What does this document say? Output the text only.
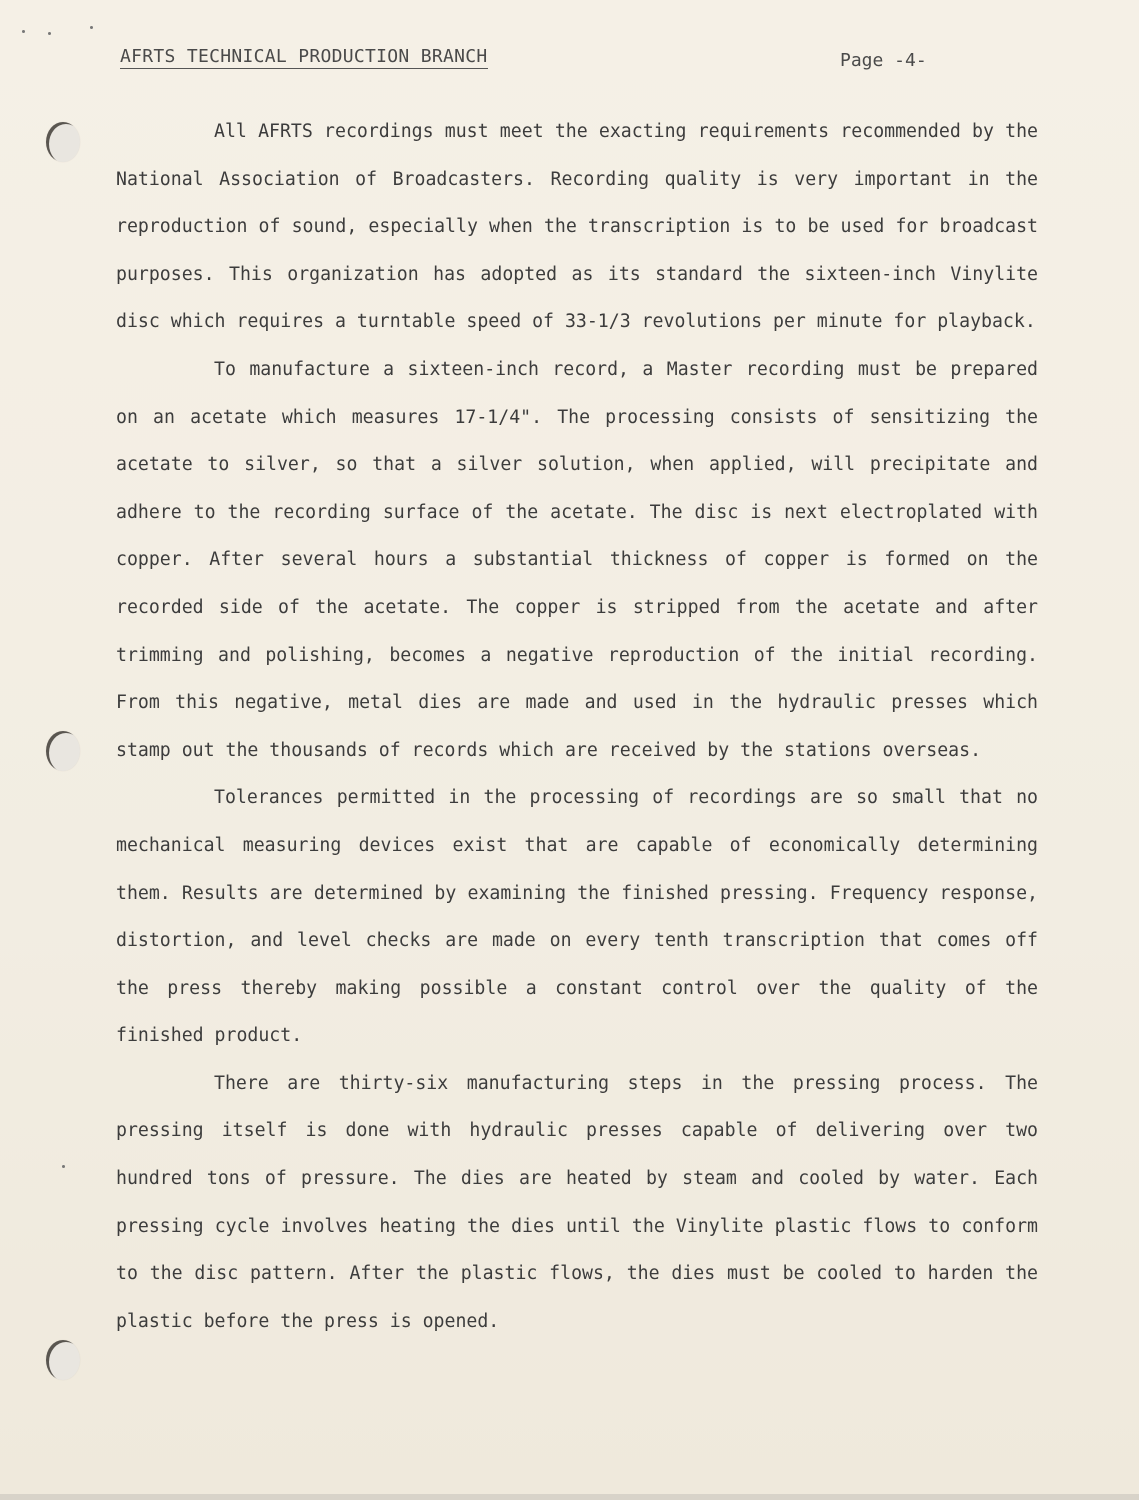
AFRTS TECHNICAL PRODUCTION BRANCH	Page -4-

All AFRTS recordings must meet the exacting requirements recommended by the National Association of Broadcasters. Recording quality is very important in the reproduction of sound, especially when the transcription is to be used for broadcast purposes. This organization has adopted as its standard the sixteen-inch Vinylite disc which requires a turntable speed of 33-1/3 revolutions per minute for playback.

To manufacture a sixteen-inch record, a Master recording must be prepared on an acetate which measures 17-1/4". The processing consists of sensitizing the acetate to silver, so that a silver solution, when applied, will precipitate and adhere to the recording surface of the acetate. The disc is next electroplated with copper. After several hours a substantial thickness of copper is formed on the recorded side of the acetate. The copper is stripped from the acetate and after trimming and polishing, becomes a negative reproduction of the initial recording. From this negative, metal dies are made and used in the hydraulic presses which stamp out the thousands of records which are received by the stations overseas.

Tolerances permitted in the processing of recordings are so small that no mechanical measuring devices exist that are capable of economically determining them. Results are determined by examining the finished pressing. Frequency response, distortion, and level checks are made on every tenth transcription that comes off the press thereby making possible a constant control over the quality of the finished product.

There are thirty-six manufacturing steps in the pressing process. The pressing itself is done with hydraulic presses capable of delivering over two hundred tons of pressure. The dies are heated by steam and cooled by water. Each pressing cycle involves heating the dies until the Vinylite plastic flows to conform to the disc pattern. After the plastic flows, the dies must be cooled to harden the plastic before the press is opened.
